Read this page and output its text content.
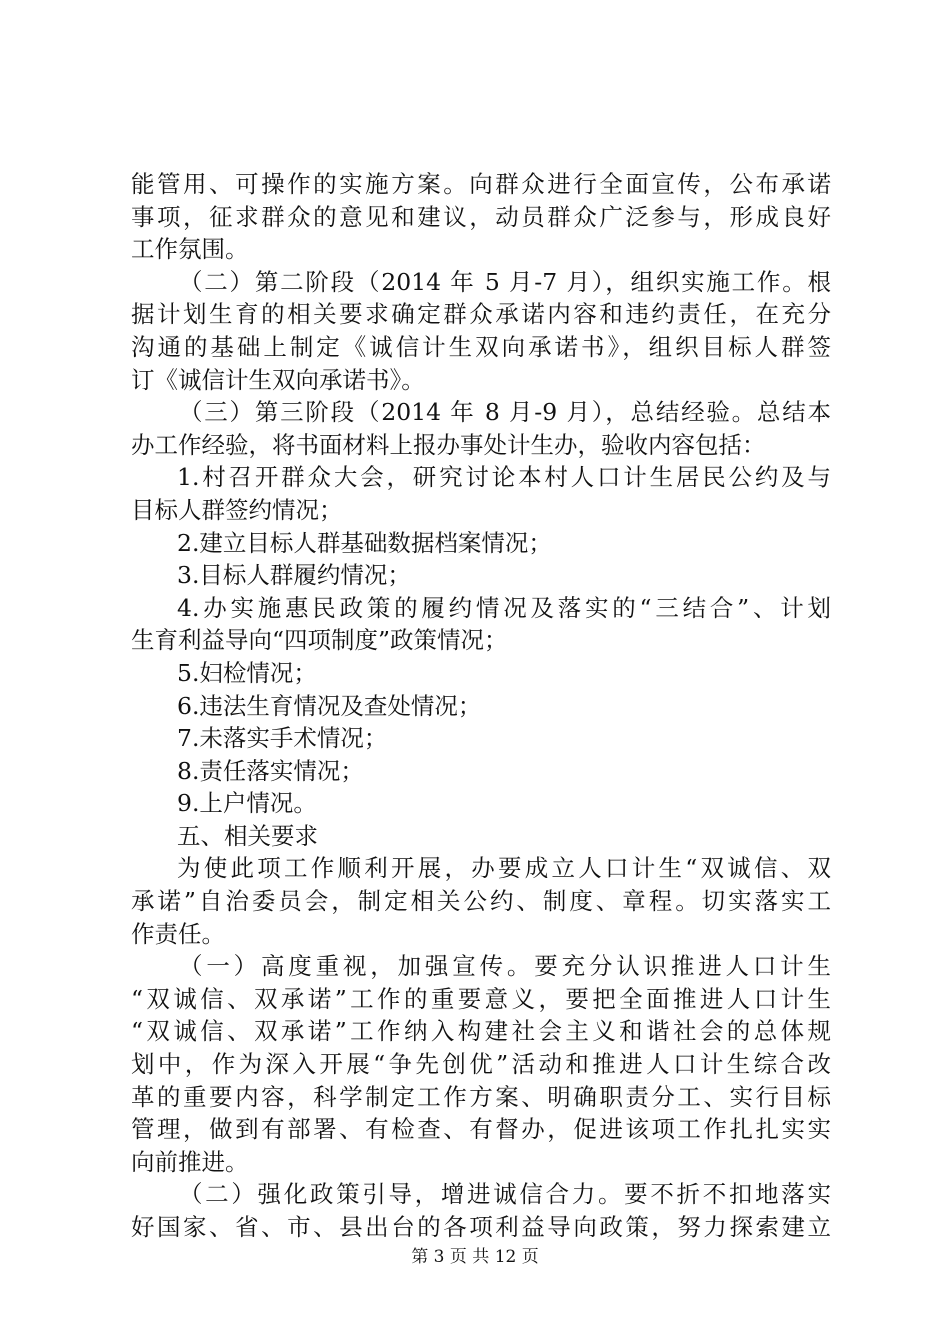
能管用、可操作的实施方案。向群众进行全面宣传，公布承诺
事项，征求群众的意见和建议，动员群众广泛参与，形成良好
工作氛围。
（二）第二阶段（2014 年 5 月-7 月），组织实施工作。根
据计划生育的相关要求确定群众承诺内容和违约责任，在充分
沟通的基础上制定《诚信计生双向承诺书》，组织目标人群签
订《诚信计生双向承诺书》。
（三）第三阶段（2014 年 8 月-9 月），总结经验。总结本
办工作经验，将书面材料上报办事处计生办，验收内容包括：
1.村召开群众大会，研究讨论本村人口计生居民公约及与
目标人群签约情况；
2.建立目标人群基础数据档案情况；
3.目标人群履约情况；
4.办实施惠民政策的履约情况及落实的“三结合”、计划
生育利益导向“四项制度”政策情况；
5.妇检情况；
6.违法生育情况及查处情况；
7.未落实手术情况；
8.责任落实情况；
9.上户情况。
五、相关要求
为使此项工作顺利开展，办要成立人口计生“双诚信、双
承诺”自治委员会，制定相关公约、制度、章程。切实落实工
作责任。
（一）高度重视，加强宣传。要充分认识推进人口计生
“双诚信、双承诺”工作的重要意义，要把全面推进人口计生
“双诚信、双承诺”工作纳入构建社会主义和谐社会的总体规
划中，作为深入开展“争先创优”活动和推进人口计生综合改
革的重要内容，科学制定工作方案、明确职责分工、实行目标
管理，做到有部署、有检查、有督办，促进该项工作扎扎实实
向前推进。
（二）强化政策引导，增进诚信合力。要不折不扣地落实
好国家、省、市、县出台的各项利益导向政策，努力探索建立
第 3 页 共 12 页
